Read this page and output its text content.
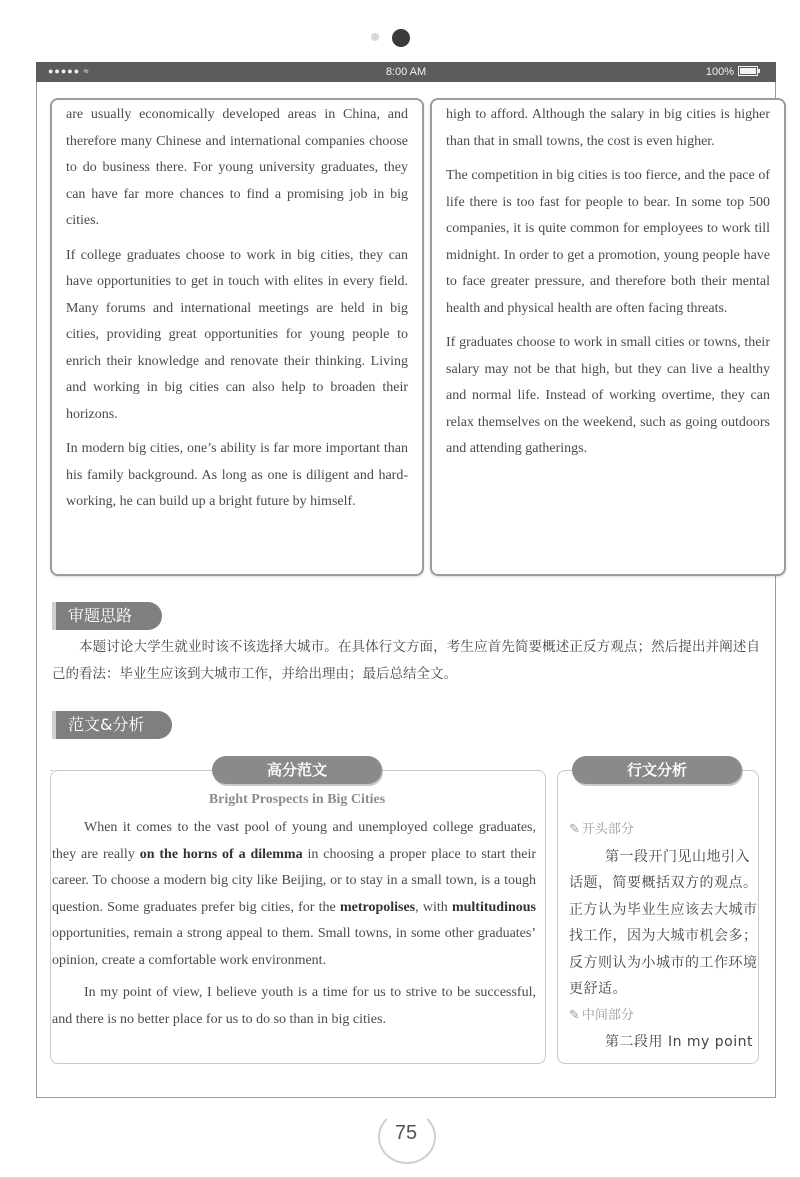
●●●●● ≈	8:00 AM	100%

are usually economically developed areas in China, and therefore many Chinese and international companies choose to do business there. For young university graduates, they can have far more chances to find a promising job in big cities.

If college graduates choose to work in big cities, they can have opportunities to get in touch with elites in every field. Many forums and international meetings are held in big cities, providing great opportunities for young people to enrich their knowledge and renovate their thinking. Living and working in big cities can also help to broaden their horizons.

In modern big cities, one’s ability is far more important than his family background. As long as one is diligent and hard-working, he can build up a bright future by himself.

high to afford. Although the salary in big cities is higher than that in small towns, the cost is even higher.

The competition in big cities is too fierce, and the pace of life there is too fast for people to bear. In some top 500 companies, it is quite common for employees to work till midnight. In order to get a promotion, young people have to face greater pressure, and therefore both their mental health and physical health are often facing threats.

If graduates choose to work in small cities or towns, their salary may not be that high, but they can live a healthy and normal life. Instead of working overtime, they can relax themselves on the weekend, such as going outdoors and attending gatherings.

审题思路
本题讨论大学生就业时该不该选择大城市。在具体行文方面，考生应首先简要概述正反方观点；然后提出并阐述自己的看法：毕业生应该到大城市工作，并给出理由；最后总结全文。
范文&分析
高分范文	行文分析
Bright Prospects in Big Cities

When it comes to the vast pool of young and unemployed college graduates, they are really on the horns of a dilemma in choosing a proper place to start their career. To choose a modern big city like Beijing, or to stay in a small town, is a tough question. Some graduates prefer big cities, for the metropolises, with multitudinous opportunities, remain a strong appeal to them. Small towns, in some other graduates’ opinion, create a comfortable work environment.

In my point of view, I believe youth is a time for us to strive to be successful, and there is no better place for us to do so than in big cities.

✎ 开头部分
第一段开门见山地引入话题，简要概括双方的观点。正方认为毕业生应该去大城市找工作，因为大城市机会多；反方则认为小城市的工作环境更舒适。
✎ 中间部分
第二段用 In my point
75
